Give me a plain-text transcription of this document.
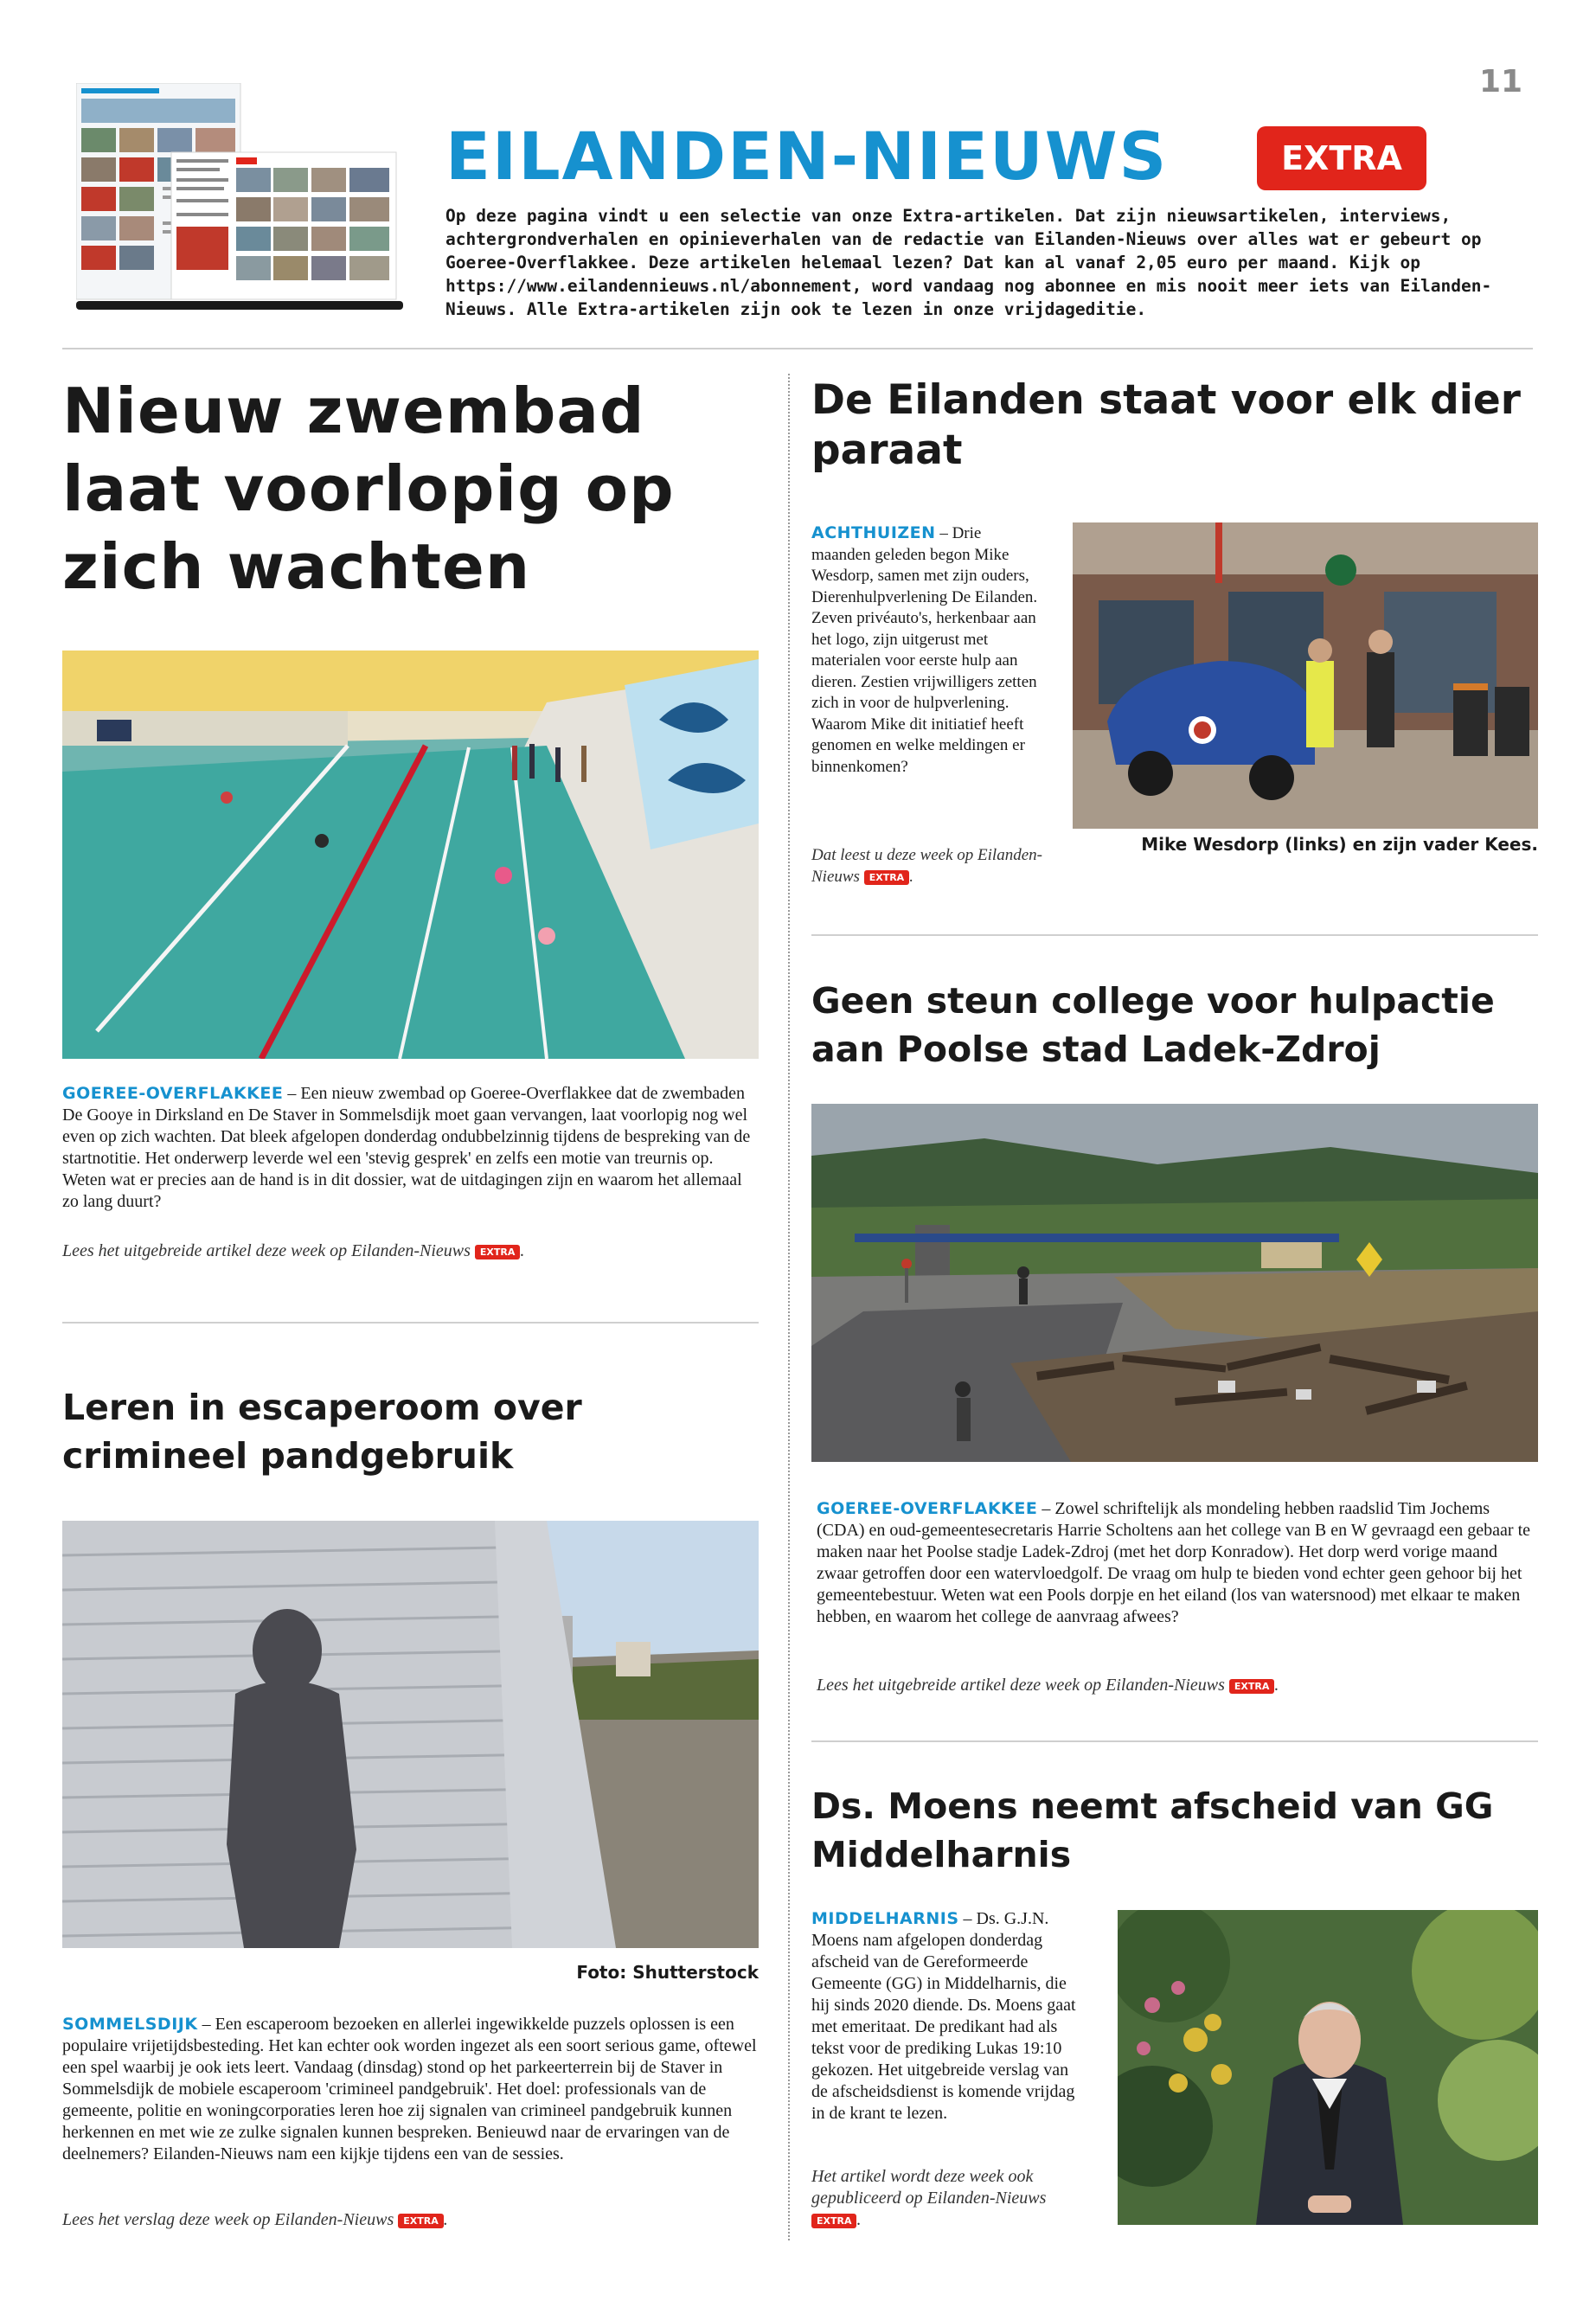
11
EILANDEN-NIEUWS	EXTRA
Op deze pagina vindt u een selectie van onze Extra-artikelen. Dat zijn nieuwsartikelen, interviews, achtergrondverhalen en opinieverhalen van de redactie van Eilanden-Nieuws over alles wat er gebeurt op Goeree-Overflakkee. Deze artikelen helemaal lezen? Dat kan al vanaf 2,05 euro per maand. Kijk op https://www.eilandennieuws.nl/abonnement, word vandaag nog abonnee en mis nooit meer iets van Eilanden-Nieuws. Alle Extra-artikelen zijn ook te lezen in onze vrijdageditie.
Nieuw zwembad laat voorlopig op zich wachten
GOEREE-OVERFLAKKEE – Een nieuw zwembad op Goeree-Overflakkee dat de zwembaden De Gooye in Dirksland en De Staver in Sommelsdijk moet gaan vervangen, laat voorlopig nog wel even op zich wachten. Dat bleek afgelopen donderdag ondubbelzinnig tijdens de bespreking van de startnotitie. Het onderwerp leverde wel een 'stevig gesprek' en zelfs een motie van treurnis op. Weten wat er precies aan de hand is in dit dossier, wat de uitdagingen zijn en waarom het allemaal zo lang duurt?
Lees het uitgebreide artikel deze week op Eilanden-Nieuws EXTRA .
Leren in escaperoom over crimineel pandgebruik
Foto: Shutterstock
SOMMELSDIJK – Een escaperoom bezoeken en allerlei ingewikkelde puzzels oplossen is een populaire vrijetijdsbesteding. Het kan echter ook worden ingezet als een soort serious game, oftewel een spel waarbij je ook iets leert. Vandaag (dinsdag) stond op het parkeerterrein bij de Staver in Sommelsdijk de mobiele escaperoom 'crimineel pandgebruik'. Het doel: professionals van de gemeente, politie en woningcorporaties leren hoe zij signalen van crimineel pandgebruik kunnen herkennen en met wie ze zulke signalen kunnen bespreken. Benieuwd naar de ervaringen van de deelnemers? Eilanden-Nieuws nam een kijkje tijdens een van de sessies.
Lees het verslag deze week op Eilanden-Nieuws EXTRA .
De Eilanden staat voor elk dier paraat
ACHTHUIZEN – Drie maanden geleden begon Mike Wesdorp, samen met zijn ouders, Dierenhulpverlening De Eilanden. Zeven privéauto's, herkenbaar aan het logo, zijn uitgerust met materialen voor eerste hulp aan dieren. Zestien vrijwilligers zetten zich in voor de hulpverlening. Waarom Mike dit initiatief heeft genomen en welke meldingen er binnenkomen?
Dat leest u deze week op Eilanden-Nieuws EXTRA .
Mike Wesdorp (links) en zijn vader Kees.
Geen steun college voor hulpactie aan Poolse stad Ladek-Zdroj
GOEREE-OVERFLAKKEE – Zowel schriftelijk als mondeling hebben raadslid Tim Jochems (CDA) en oud-gemeentesecretaris Harrie Scholtens aan het college van B en W gevraagd een gebaar te maken naar het Poolse stadje Ladek-Zdroj (met het dorp Konradow). Het dorp werd vorige maand zwaar getroffen door een watervloedgolf. De vraag om hulp te bieden vond echter geen gehoor bij het gemeentebestuur. Weten wat een Pools dorpje en het eiland (los van watersnood) met elkaar te maken hebben, en waarom het college de aanvraag afwees?
Lees het uitgebreide artikel deze week op Eilanden-Nieuws EXTRA .
Ds. Moens neemt afscheid van GG Middelharnis
MIDDELHARNIS – Ds. G.J.N. Moens nam afgelopen donderdag afscheid van de Gereformeerde Gemeente (GG) in Middelharnis, die hij sinds 2020 diende. Ds. Moens gaat met emeritaat. De predikant had als tekst voor de prediking Lukas 19:10 gekozen. Het uitgebreide verslag van de afscheidsdienst is komende vrijdag in de krant te lezen.
Het artikel wordt deze week ook gepubliceerd op Eilanden-Nieuws EXTRA .
